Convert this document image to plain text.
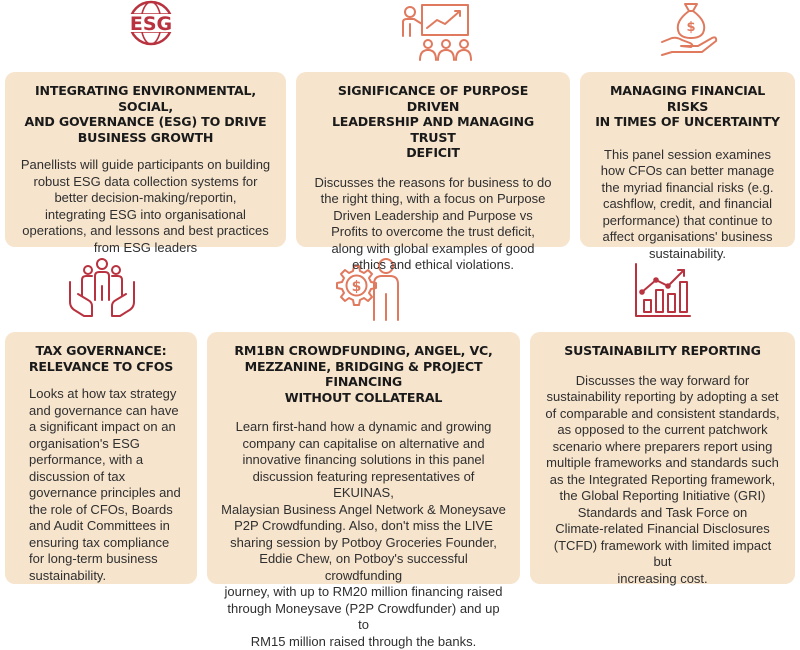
ESG	$
$
INTEGRATING ENVIRONMENTAL, SOCIAL,
AND GOVERNANCE (ESG) TO DRIVE
BUSINESS GROWTH

Panellists will guide participants on building
robust ESG data collection systems for
better decision-making/reportin,
integrating ESG into organisational
operations, and lessons and best practices
from ESG leaders

SIGNIFICANCE OF PURPOSE DRIVEN
LEADERSHIP AND MANAGING TRUST
DEFICIT

Discusses the reasons for business to do
the right thing, with a focus on Purpose
Driven Leadership and Purpose vs
Profits to overcome the trust deficit,
along with global examples of good
ethics and ethical violations.

MANAGING FINANCIAL RISKS
IN TIMES OF UNCERTAINTY

This panel session examines
how CFOs can better manage
the myriad financial risks (e.g.
cashflow, credit, and financial
performance) that continue to
affect organisations' business
sustainability.

TAX GOVERNANCE:
RELEVANCE TO CFOS

Looks at how tax strategy
and governance can have
a significant impact on an
organisation's ESG
performance, with a
discussion of tax
governance principles and
the role of CFOs, Boards
and Audit Committees in
ensuring tax compliance
for long-term business
sustainability.

RM1BN CROWDFUNDING, ANGEL, VC,
MEZZANINE, BRIDGING & PROJECT FINANCING
WITHOUT COLLATERAL

Learn first-hand how a dynamic and growing
company can capitalise on alternative and
innovative financing solutions in this panel
discussion featuring representatives of EKUINAS,
Malaysian Business Angel Network & Moneysave
P2P Crowdfunding. Also, don't miss the LIVE
sharing session by Potboy Groceries Founder,
Eddie Chew, on Potboy's successful crowdfunding
journey, with up to RM20 million financing raised
through Moneysave (P2P Crowdfunder) and up to
RM15 million raised through the banks.

SUSTAINABILITY REPORTING

Discusses the way forward for
sustainability reporting by adopting a set
of comparable and consistent standards,
as opposed to the current patchwork
scenario where preparers report using
multiple frameworks and standards such
as the Integrated Reporting framework,
the Global Reporting Initiative (GRI)
Standards and Task Force on
Climate-related Financial Disclosures
(TCFD) framework with limited impact but
increasing cost.
